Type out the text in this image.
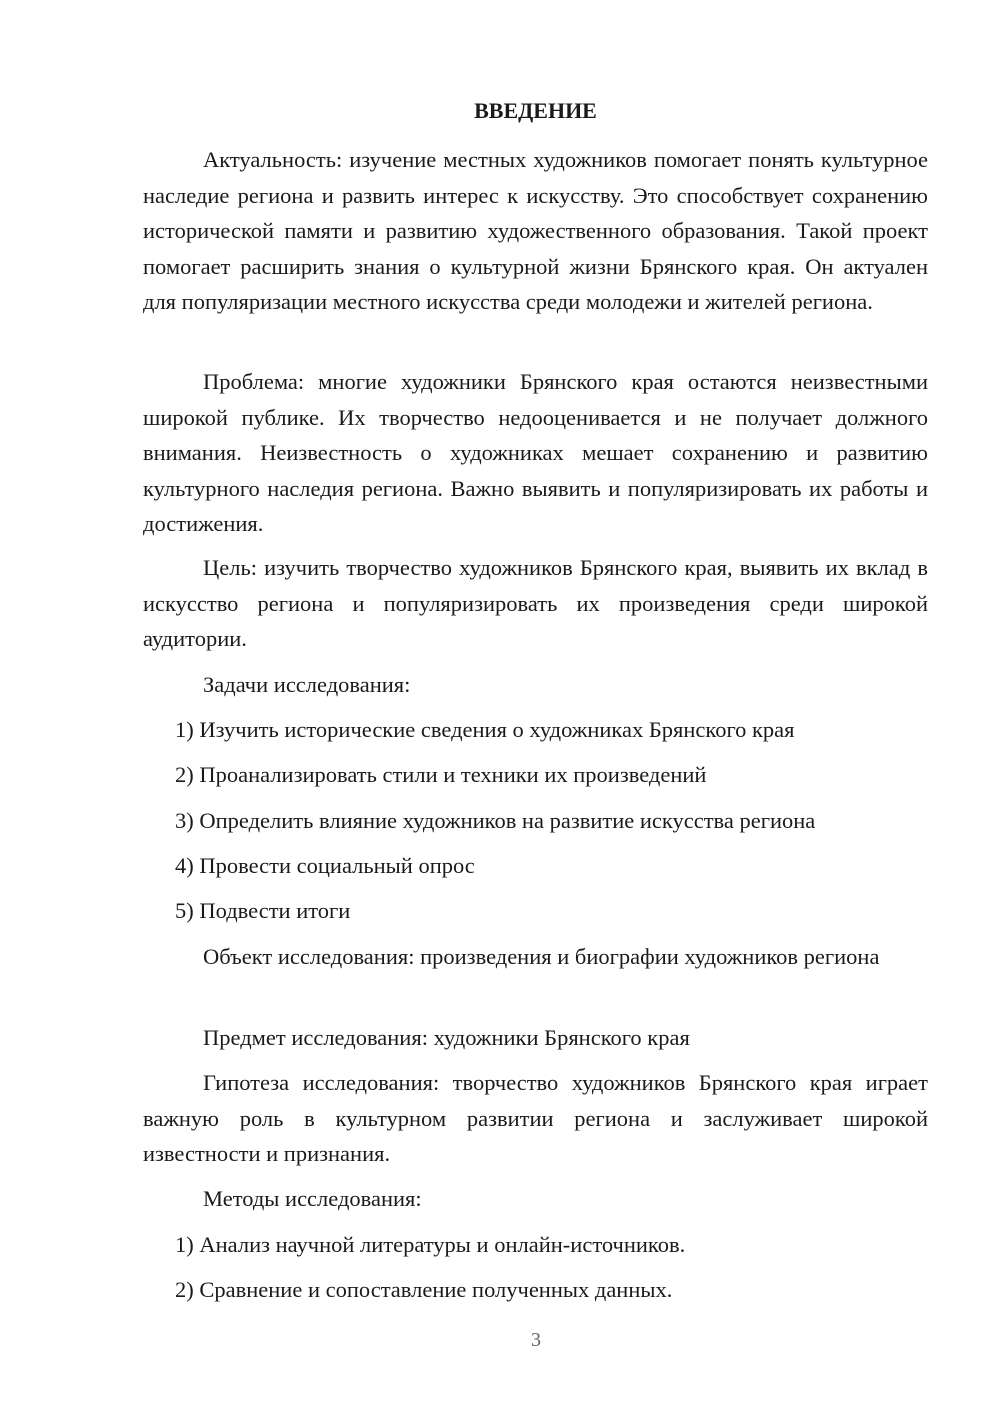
ВВЕДЕНИЕ

Актуальность: изучение местных художников помогает понять культурное наследие региона и развить интерес к искусству. Это способствует сохранению исторической памяти и развитию художественного образования. Такой проект помогает расширить знания о культурной жизни Брянского края. Он актуален для популяризации местного искусства среди молодежи и жителей региона.

Проблема: многие художники Брянского края остаются неизвестными широкой публике. Их творчество недооценивается и не получает должного внимания. Неизвестность о художниках мешает сохранению и развитию культурного наследия региона. Важно выявить и популяризировать их работы и достижения.

Цель: изучить творчество художников Брянского края, выявить их вклад в искусство региона и популяризировать их произведения среди широкой аудитории.

Задачи исследования:

1) Изучить исторические сведения о художниках Брянского края

2) Проанализировать стили и техники их произведений

3) Определить влияние художников на развитие искусства региона

4) Провести социальный опрос

5) Подвести итоги

Объект исследования: произведения и биографии художников региона

Предмет исследования: художники Брянского края

Гипотеза исследования: творчество художников Брянского края играет важную роль в культурном развитии региона и заслуживает широкой известности и признания.

Методы исследования:

1) Анализ научной литературы и онлайн-источников.

2) Сравнение и сопоставление полученных данных.

3
